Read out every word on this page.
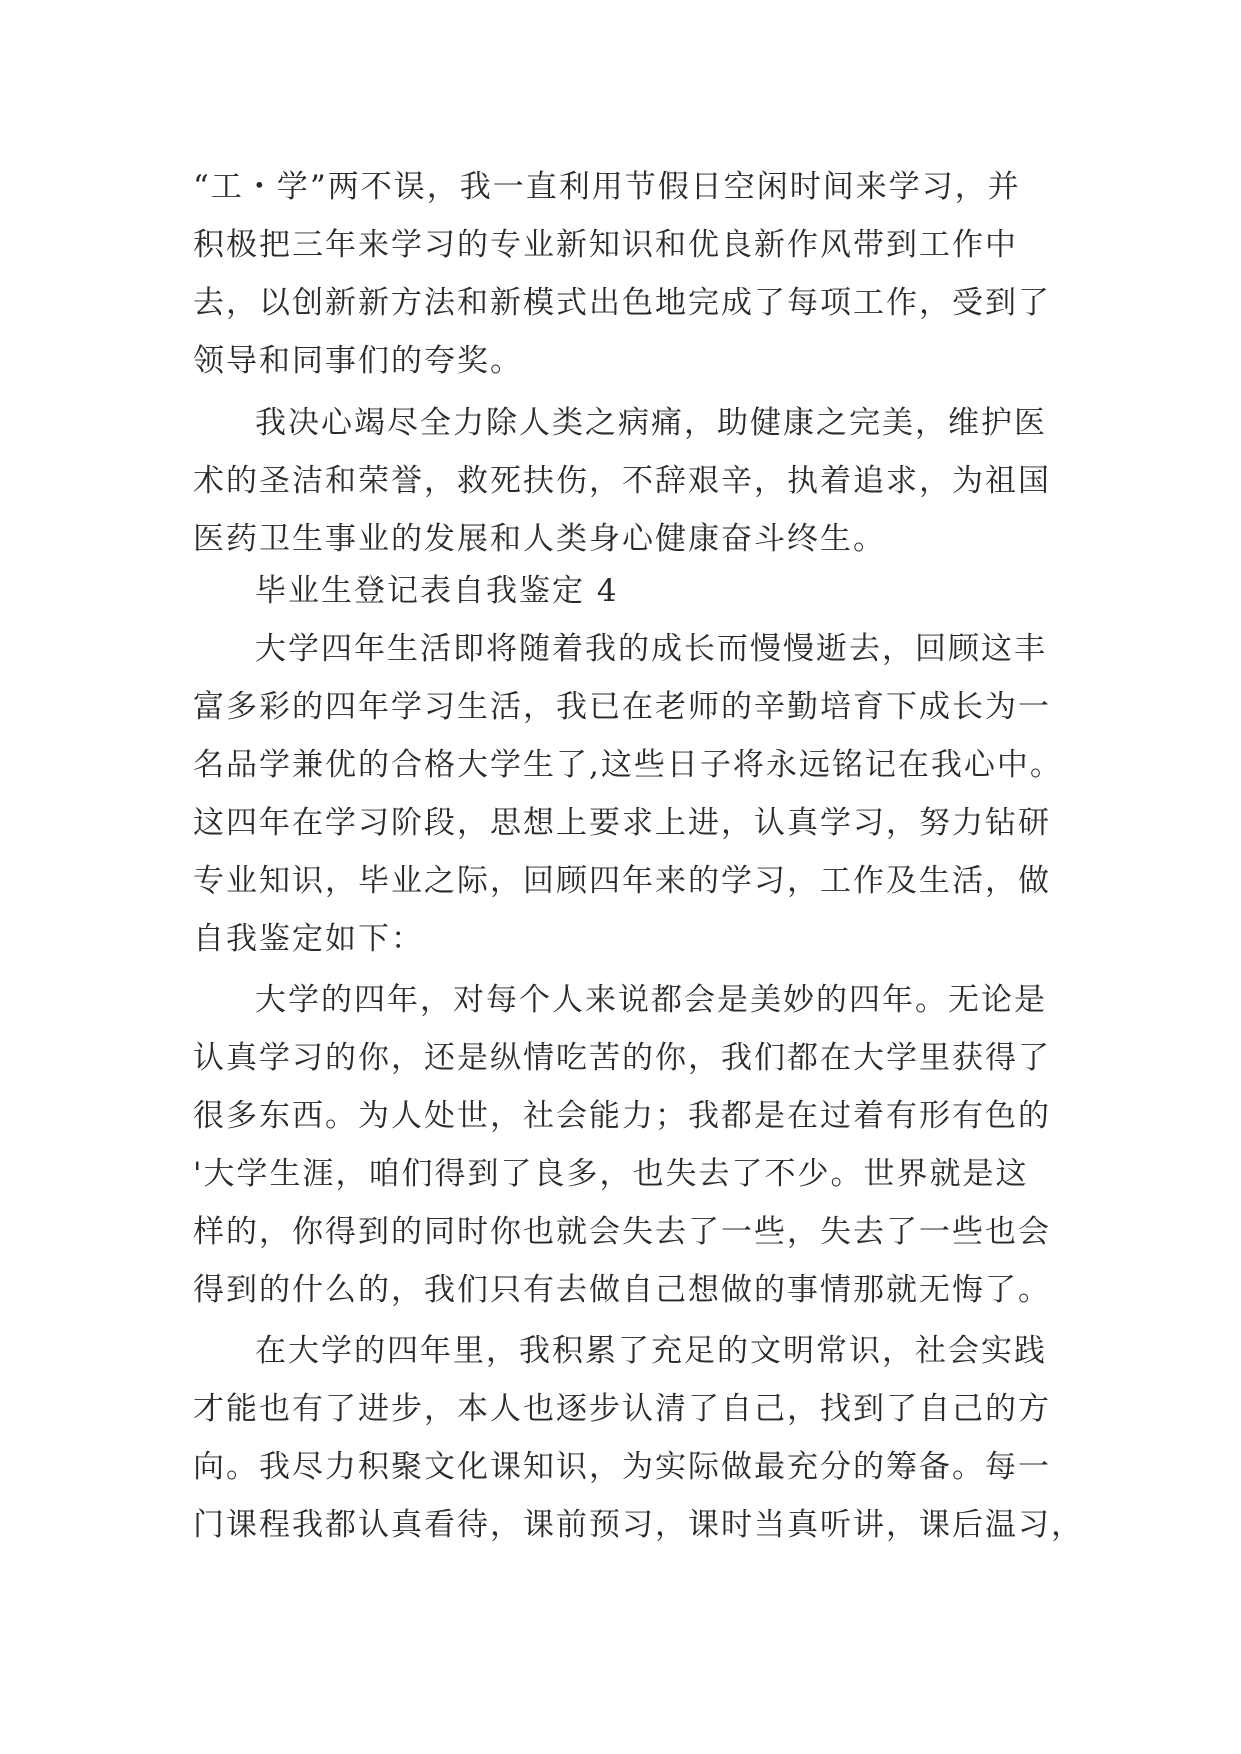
“工・学”两不误，我一直利用节假日空闲时间来学习，并
积极把三年来学习的专业新知识和优良新作风带到工作中
去，以创新新方法和新模式出色地完成了每项工作，受到了
领导和同事们的夸奖。
我决心竭尽全力除人类之病痛，助健康之完美，维护医
术的圣洁和荣誉，救死扶伤，不辞艰辛，执着追求，为祖国
医药卫生事业的发展和人类身心健康奋斗终生。
毕业生登记表自我鉴定 4
大学四年生活即将随着我的成长而慢慢逝去，回顾这丰
富多彩的四年学习生活，我已在老师的辛勤培育下成长为一
名品学兼优的合格大学生了,这些日子将永远铭记在我心中。
这四年在学习阶段，思想上要求上进，认真学习，努力钻研
专业知识，毕业之际，回顾四年来的学习，工作及生活，做
自我鉴定如下：
大学的四年，对每个人来说都会是美妙的四年。无论是
认真学习的你，还是纵情吃苦的你，我们都在大学里获得了
很多东西。为人处世，社会能力；我都是在过着有形有色的
'大学生涯，咱们得到了良多，也失去了不少。世界就是这
样的，你得到的同时你也就会失去了一些，失去了一些也会
得到的什么的，我们只有去做自己想做的事情那就无悔了。
在大学的四年里，我积累了充足的文明常识，社会实践
才能也有了进步，本人也逐步认清了自己，找到了自己的方
向。我尽力积聚文化课知识，为实际做最充分的筹备。每一
门课程我都认真看待，课前预习，课时当真听讲，课后温习，
